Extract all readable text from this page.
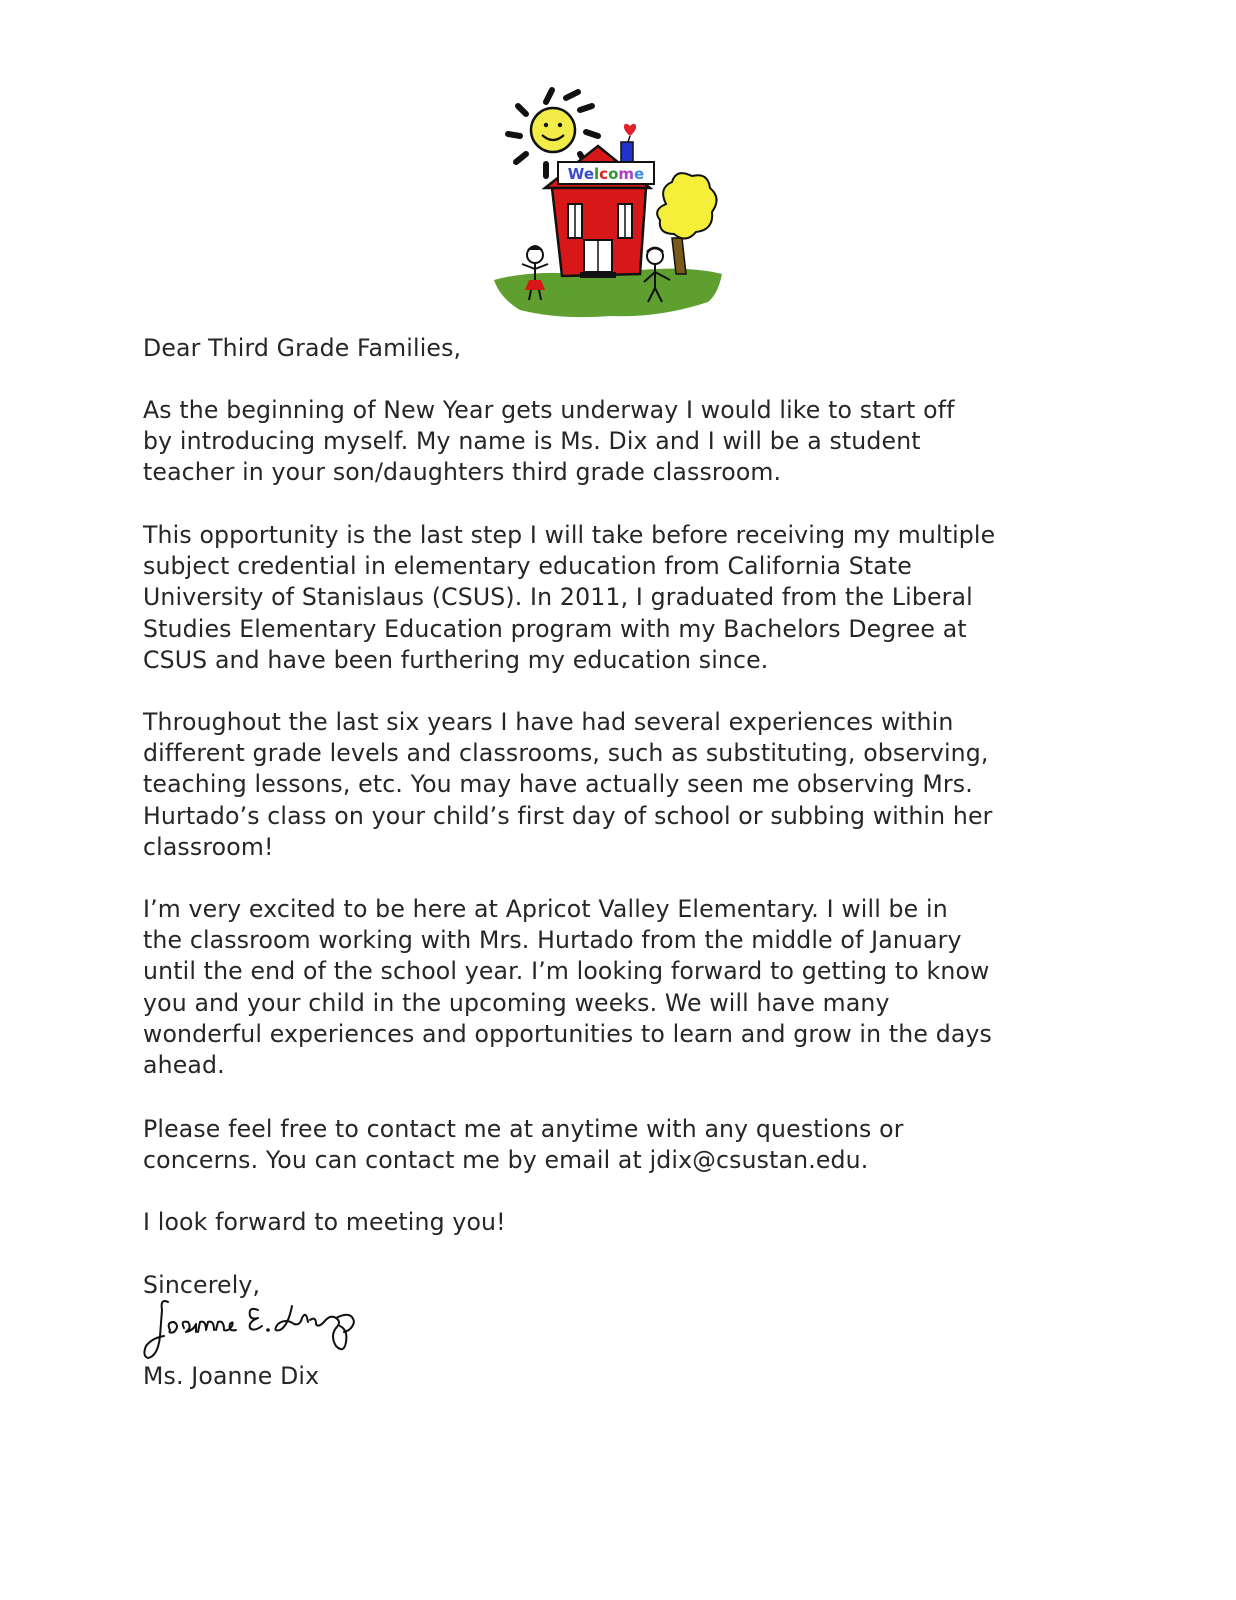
Welcome
Dear Third Grade Families,
As the beginning of New Year gets underway I would like to start off
by introducing myself. My name is Ms. Dix and I will be a student
teacher in your son/daughters third grade classroom.
This opportunity is the last step I will take before receiving my multiple
subject credential in elementary education from California State
University of Stanislaus (CSUS). In 2011, I graduated from the Liberal
Studies Elementary Education program with my Bachelors Degree at
CSUS and have been furthering my education since.
Throughout the last six years I have had several experiences within
different grade levels and classrooms, such as substituting, observing,
teaching lessons, etc. You may have actually seen me observing Mrs.
Hurtado’s class on your child’s first day of school or subbing within her
classroom!
I’m very excited to be here at Apricot Valley Elementary. I will be in
the classroom working with Mrs. Hurtado from the middle of January
until the end of the school year. I’m looking forward to getting to know
you and your child in the upcoming weeks. We will have many
wonderful experiences and opportunities to learn and grow in the days
ahead.
Please feel free to contact me at anytime with any questions or
concerns. You can contact me by email at jdix@csustan.edu.
I look forward to meeting you!
Sincerely,
Ms. Joanne Dix
